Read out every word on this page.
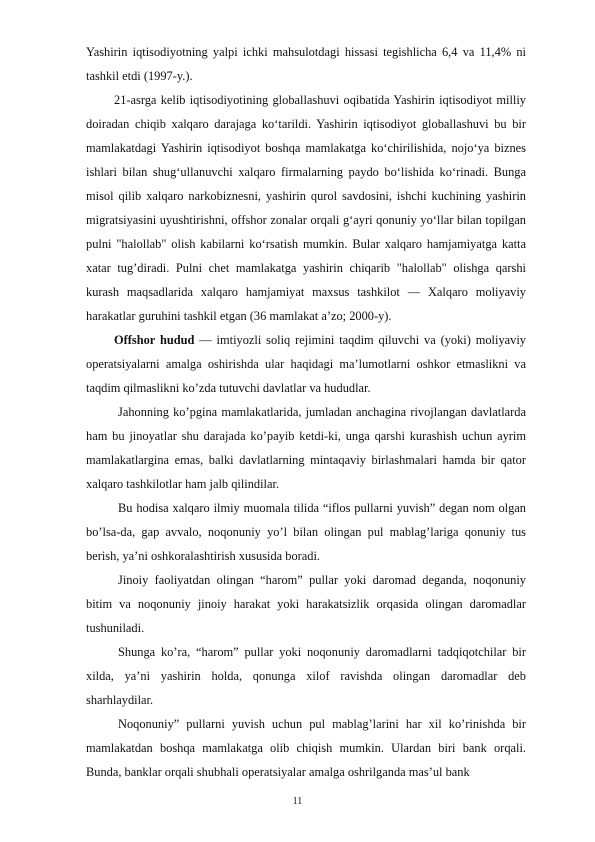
Yashirin iqtisodiyotning yalpi ichki mahsulotdagi hissasi tegishlicha 6,4 va 11,4% ni tashkil etdi (1997-y.).

21-asrga kelib iqtisodiyotining globallashuvi oqibatida Yashirin iqtisodiyot milliy doiradan chiqib xalqaro darajaga ko‘tarildi. Yashirin iqtisodiyot globallashuvi bu bir mamlakatdagi Yashirin iqtisodiyot boshqa mamlakatga ko‘chirilishida, nojo‘ya biznes ishlari bilan shug‘ullanuvchi xalqaro firmalarning paydo bo‘lishida ko‘rinadi. Bunga misol qilib xalqaro narkobiznesni, yashirin qurol savdosini, ishchi kuchining yashirin migratsiyasini uyushtirishni, offshor zonalar orqali g‘ayri qonuniy yo‘llar bilan topilgan pulni "halollab" olish kabilarni ko‘rsatish mumkin. Bular xalqaro hamjamiyatga katta xatar tug’diradi. Pulni chet mamlakatga yashirin chiqarib "halollab" olishga qarshi kurash maqsadlarida xalqaro hamjamiyat maxsus tashkilot — Xalqaro moliyaviy harakatlar guruhini tashkil etgan (36 mamlakat aʼzo; 2000-y).

Offshor hudud — imtiyozli soliq rejimini taqdim qiluvchi va (yoki) moliyaviy operatsiyalarni amalga oshirishda ular haqidagi ma’lumotlarni oshkor etmaslikni va taqdim qilmaslikni ko’zda tutuvchi davlatlar va hududlar.

Jahonning ko’pgina mamlakatlarida, jumladan anchagina rivojlangan davlatlarda ham bu jinoyatlar shu darajada ko’payib ketdi-ki, unga qarshi kurashish uchun ayrim mamlakatlargina emas, balki davlatlarning mintaqaviy birlashmalari hamda bir qator xalqaro tashkilotlar ham jalb qilindilar.

Bu hodisa xalqaro ilmiy muomala tilida “iflos pullarni yuvish” degan nom olgan bo’lsa-da, gap avvalo, noqonuniy yo’l bilan olingan pul mablag’lariga qonuniy tus berish, ya’ni oshkoralashtirish xususida boradi.

Jinoiy faoliyatdan olingan “harom” pullar yoki daromad deganda, noqonuniy bitim va noqonuniy jinoiy harakat yoki harakatsizlik orqasida olingan daromadlar tushuniladi.

Shunga ko’ra, “harom” pullar yoki noqonuniy daromadlarni tadqiqotchilar bir xilda, ya’ni yashirin holda, qonunga xilof ravishda olingan daromadlar deb sharhlaydilar.

Noqonuniy” pullarni yuvish uchun pul mablag’larini har xil ko’rinishda bir mamlakatdan boshqa mamlakatga olib chiqish mumkin. Ulardan biri bank orqali. Bunda, banklar orqali shubhali operatsiyalar amalga oshrilganda mas’ul bank

11
